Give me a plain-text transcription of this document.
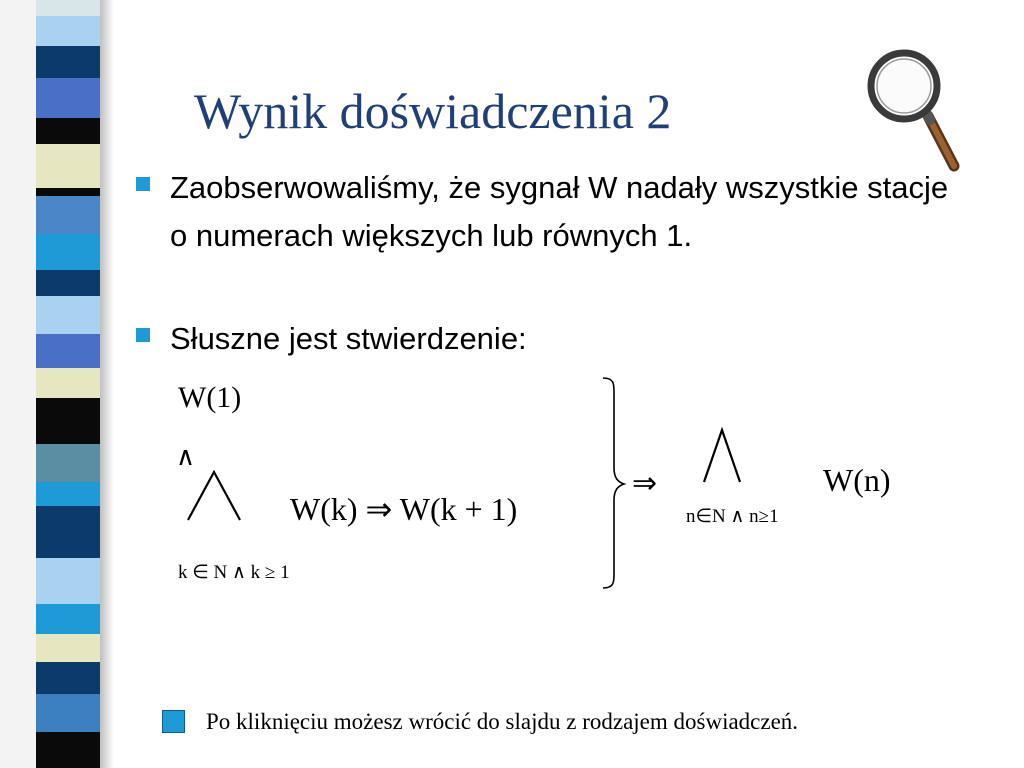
Wynik doświadczenia 2
Zaobserwowaliśmy, że sygnał W nadały wszystkie stacje o numerach większych lub równych 1.
Słuszne jest stwierdzenie:
W(1)
∧
W(k) ⇒ W(k + 1)
k ∈ N ∧ k ≥ 1
⇒
n∈N ∧ n≥1
W(n)
Po kliknięciu możesz wrócić do slajdu z rodzajem doświadczeń.
